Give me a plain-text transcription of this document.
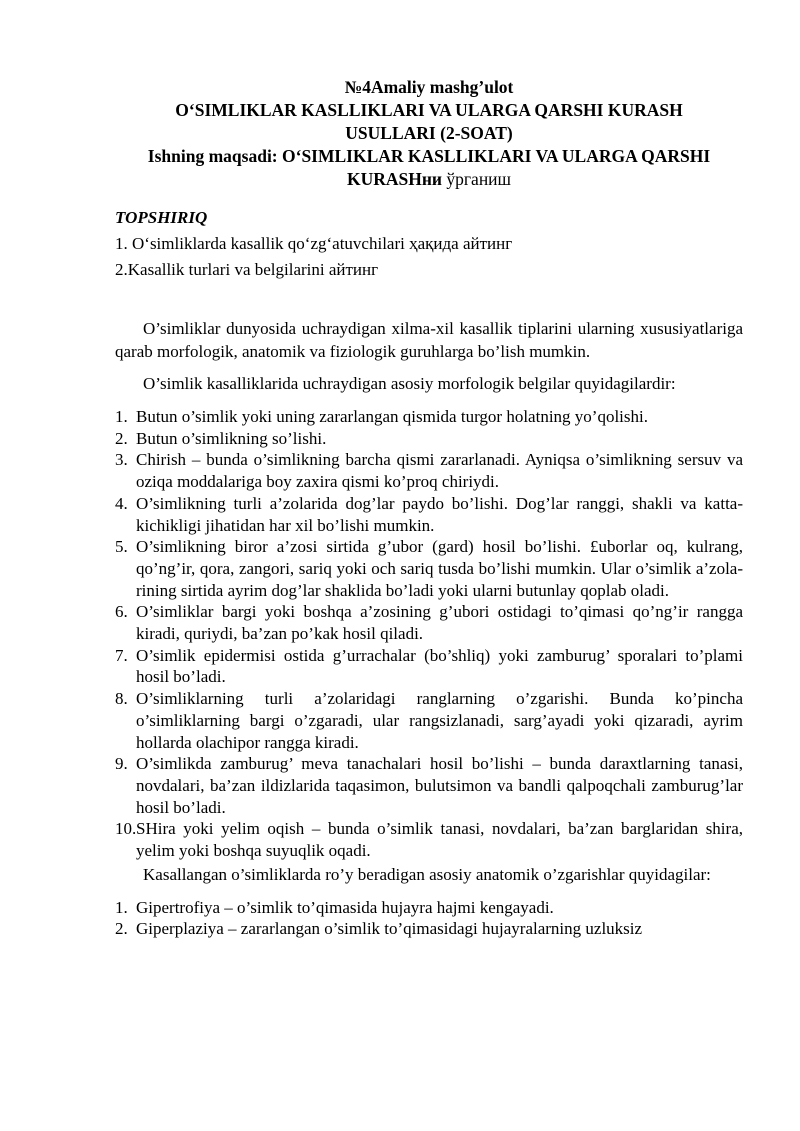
№4Amaliy mashg’ulot
O‘SIMLIKLAR KASLLIKLARI VA ULARGA QARSHI KURASH
USULLARI (2-SOAT)
Ishning maqsadi: O‘SIMLIKLAR KASLLIKLARI VA ULARGA QARSHI
KURASHни ўрганиш
TOPSHIRIQ
1. O‘simliklarda kasallik qo‘zg‘atuvchilari ҳақида айтинг
2.Kasallik turlari va belgilarini айтинг
O’simliklar dunyosida uchraydigan xilma-xil kasallik tiplarini ularning xususiyatlariga qarab morfologik, anatomik va fiziologik guruhlarga bo’lish mumkin.
O’simlik kasalliklarida uchraydigan asosiy morfologik belgilar quyidagilardir:
1. Butun o’simlik yoki uning zararlangan qismida turgor holatning yo’qolishi.
2. Butun o’simlikning so’lishi.
3. Chirish – bunda o’simlikning barcha qismi zararlanadi. Ayniqsa o’simlikning sersuv va oziqa moddalariga boy zaxira qismi ko’proq chiriydi.
4. O’simlikning turli a’zolarida dog’lar paydo bo’lishi. Dog’lar ranggi, shakli va katta-kichikligi jihatidan har xil bo’lishi mumkin.
5. O’simlikning biror a’zosi sirtida g’ubor (gard) hosil bo’lishi. £uborlar oq, kulrang, qo’ng’ir, qora, zangori, sariq yoki och sariq tusda bo’lishi mumkin. Ular o’simlik a’zola-rining sirtida ayrim dog’lar shaklida bo’ladi yoki ularni butunlay qoplab oladi.
6. O’simliklar bargi yoki boshqa a’zosining g’ubori ostidagi to’qimasi qo’ng’ir rangga kiradi, quriydi, ba’zan po’kak hosil qiladi.
7. O’simlik epidermisi ostida g’urrachalar (bo’shliq) yoki zamburug’ sporalari to’plami hosil bo’ladi.
8. O’simliklarning turli a’zolaridagi ranglarning o’zgarishi. Bunda ko’pincha o’simliklarning bargi o’zgaradi, ular rangsizlanadi, sarg’ayadi yoki qizaradi, ayrim hollarda olachipor rangga kiradi.
9. O’simlikda zamburug’ meva tanachalari hosil bo’lishi – bunda daraxtlarning tanasi, novdalari, ba’zan ildizlarida taqasimon, bulutsimon va bandli qalpoqchali zamburug’lar hosil bo’ladi.
10. SHira yoki yelim oqish – bunda o’simlik tanasi, novdalari, ba’zan barglaridan shira, yelim yoki boshqa suyuqlik oqadi.
Kasallangan o’simliklarda ro’y beradigan asosiy anatomik o’zgarishlar quyidagilar:
1. Gipertrofiya – o’simlik to’qimasida hujayra hajmi kengayadi.
2. Giperplaziya – zararlangan o’simlik to’qimasidagi hujayralarning uzluksiz
